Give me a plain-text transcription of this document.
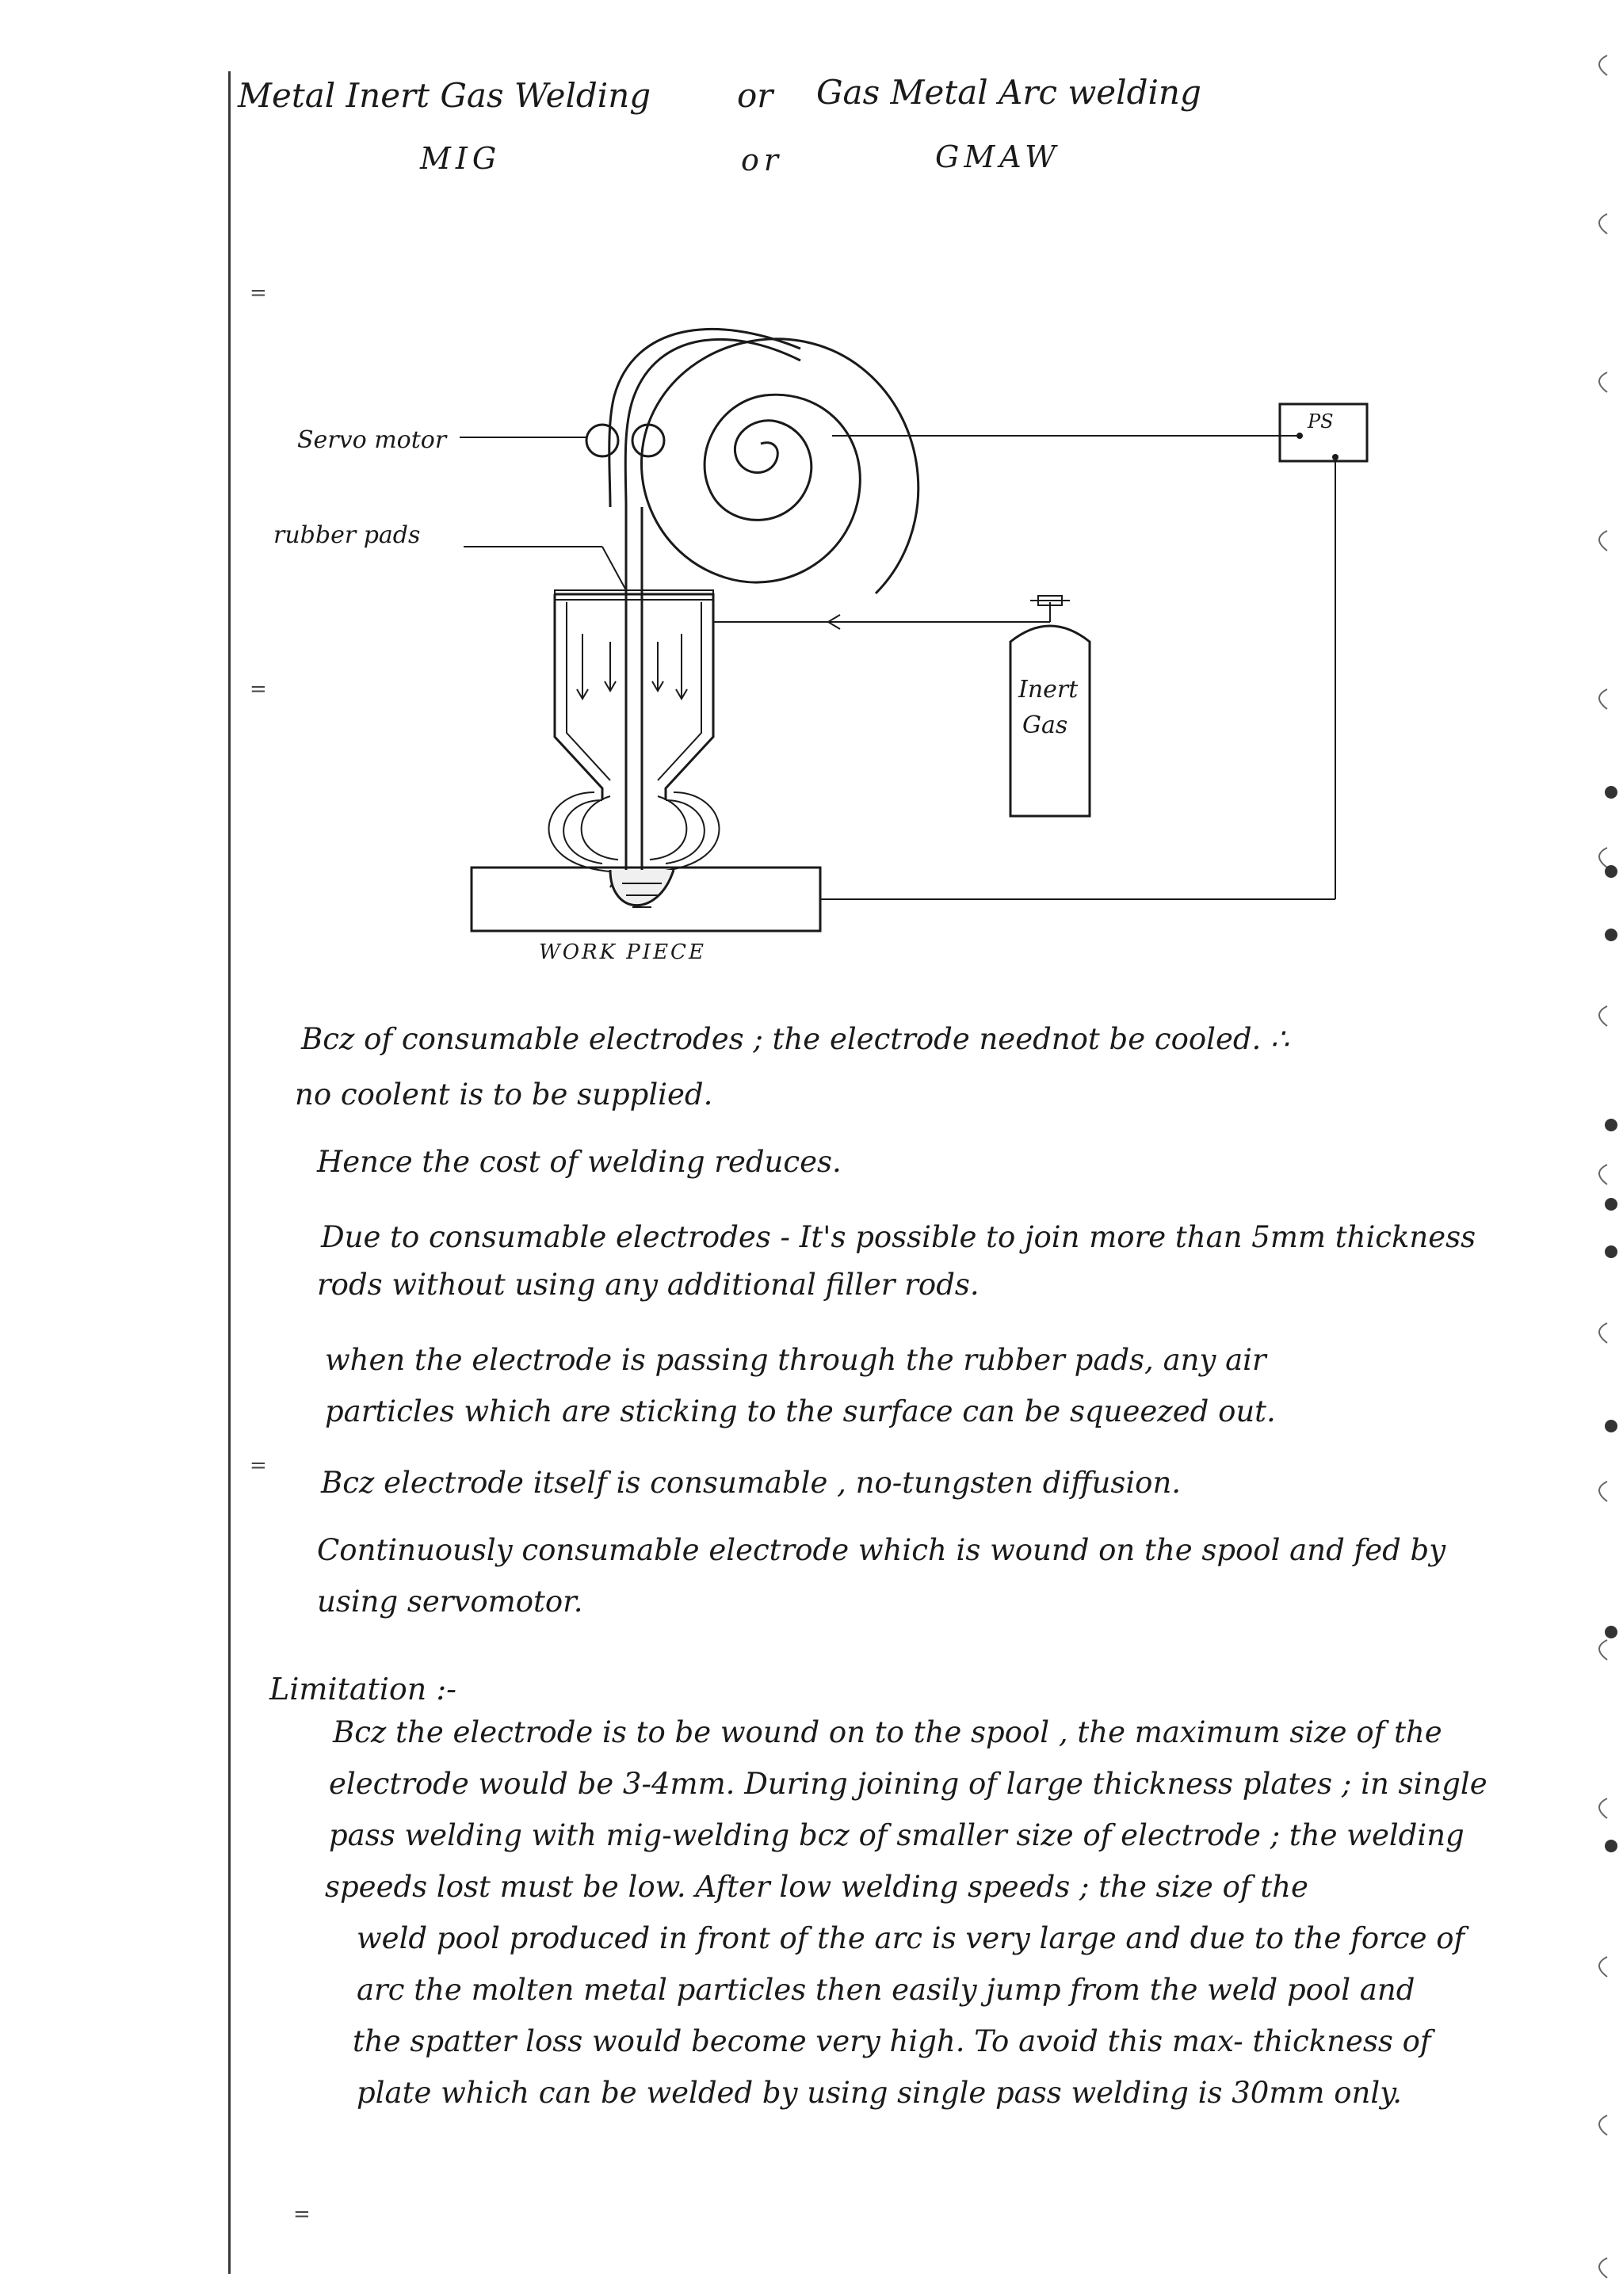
Metal Inert Gas Welding	or Gas Metal Arc welding
MIG	or	GMAW
=
=
=
=
Servo motor
rubber pads
Inert
Gas
PS
WORK PIECE
Bcz of consumable electrodes ; the electrode neednot be cooled. ∴
no coolent is to be supplied.
Hence the cost of welding reduces.
Due to consumable electrodes - It's possible to join more than 5mm thickness
rods without using any additional filler rods.
when the electrode is passing through the rubber pads, any air
particles which are sticking to the surface can be squeezed out.
Bcz electrode itself is consumable , no-tungsten diffusion.
Continuously consumable electrode which is wound on the spool and fed by
using servomotor.
Limitation :-
Bcz the electrode is to be wound on to the spool , the maximum size of the
electrode would be 3-4mm. During joining of large thickness plates ; in single
pass welding with mig-welding bcz of smaller size of electrode ; the welding
speeds lost must be low. After low welding speeds ; the size of the
weld pool produced in front of the arc is very large and due to the force of
arc the molten metal particles then easily jump from the weld pool and
the spatter loss would become very high. To avoid this max- thickness of
plate which can be welded by using single pass welding is 30mm only.
